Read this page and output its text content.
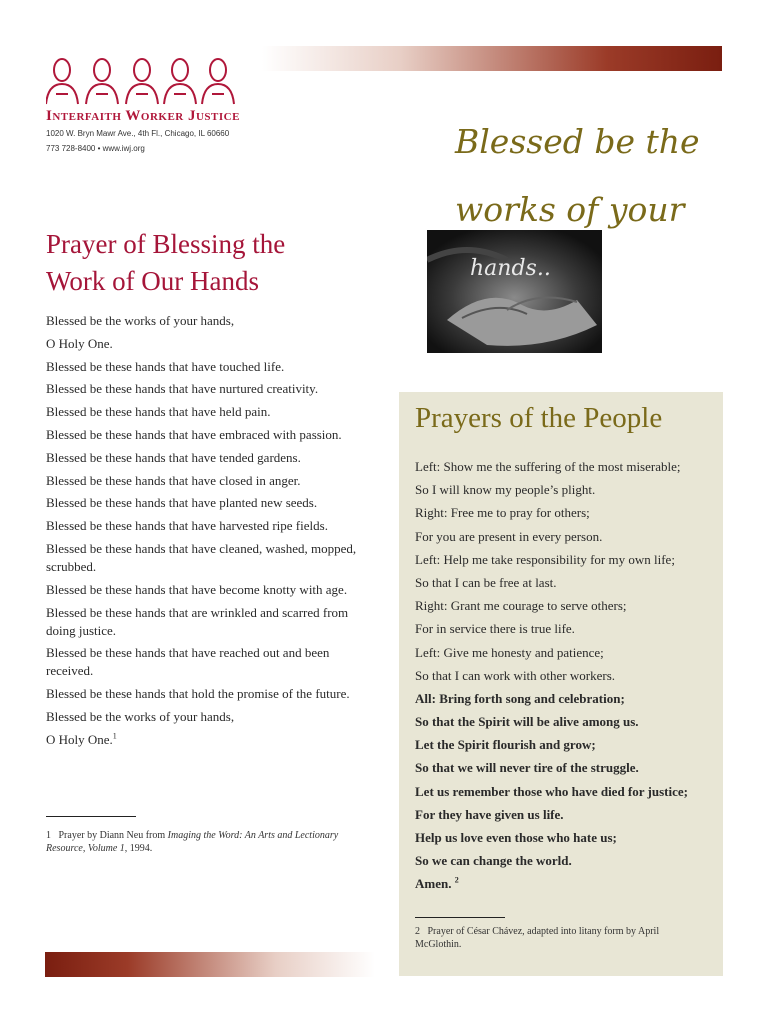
Interfaith Worker Justice
1020 W. Bryn Mawr Ave., 4th Fl., Chicago, IL 60660
773 728-8400 • www.iwj.org	Blessed be the
works of your
hands..
Prayer of Blessing the
Work of Our Hands
Blessed be the works of your hands,
O Holy One.
Blessed be these hands that have touched life.
Blessed be these hands that have nurtured creativity.
Blessed be these hands that have held pain.
Blessed be these hands that have embraced with passion.
Blessed be these hands that have tended gardens.
Blessed be these hands that have closed in anger.
Blessed be these hands that have planted new seeds.
Blessed be these hands that have harvested ripe fields.
Blessed be these hands that have cleaned, washed, mopped, scrubbed.
Blessed be these hands that have become knotty with age.
Blessed be these hands that are wrinkled and scarred from doing justice.
Blessed be these hands that have reached out and been received.
Blessed be these hands that hold the promise of the future.
Blessed be the works of your hands,
O Holy One.$^1$
1 Prayer by Diann Neu from Imaging the Word: An Arts and Lectionary Resource, Volume 1, 1994.
Prayers of the People
Left: Show me the suffering of the most miserable;
So I will know my people’s plight.
Right: Free me to pray for others;
For you are present in every person.
Left: Help me take responsibility for my own life;
So that I can be free at last.
Right: Grant me courage to serve others;
For in service there is true life.
Left: Give me honesty and patience;
So that I can work with other workers.
All: Bring forth song and celebration;
So that the Spirit will be alive among us.
Let the Spirit flourish and grow;
So that we will never tire of the struggle.
Let us remember those who have died for justice;
For they have given us life.
Help us love even those who hate us;
So we can change the world.
Amen. $^2$
2 Prayer of César Chávez, adapted into litany form by April McGlothin.
